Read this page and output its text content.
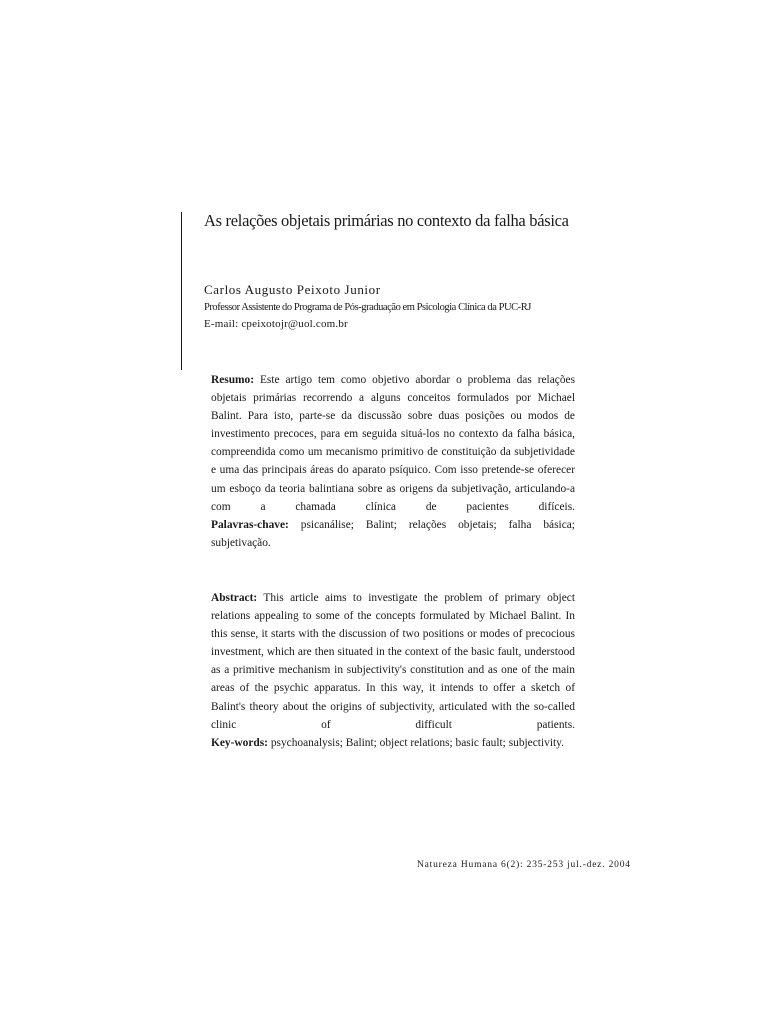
As relações objetais primárias no contexto da falha básica
Carlos Augusto Peixoto Junior
Professor Assistente do Programa de Pós-graduação em Psicologia Clínica da PUC-RJ
E-mail: cpeixotojr@uol.com.br

Resumo: Este artigo tem como objetivo abordar o problema das relações objetais primárias recorrendo a alguns conceitos formulados por Michael Balint. Para isto, parte-se da discussão sobre duas posições ou modos de investimento precoces, para em seguida situá-los no contexto da falha básica, compreendida como um mecanismo primitivo de constituição da subjetividade e uma das principais áreas do aparato psíquico. Com isso pretende-se oferecer um esboço da teoria balintiana sobre as origens da subjetivação, articulando-a com a chamada clínica de pacientes difíceis.

Palavras-chave: psicanálise; Balint; relações objetais; falha básica; subjetivação.

Abstract: This article aims to investigate the problem of primary object relations appealing to some of the concepts formulated by Michael Balint. In this sense, it starts with the discussion of two positions or modes of precocious investment, which are then situated in the context of the basic fault, understood as a primitive mechanism in subjectivity's constitution and as one of the main areas of the psychic apparatus. In this way, it intends to offer a sketch of Balint's theory about the origins of subjectivity, articulated with the so-called clinic of difficult patients.

Key-words: psychoanalysis; Balint; object relations; basic fault; subjectivity.

Natureza Humana 6(2): 235-253 jul.-dez. 2004
